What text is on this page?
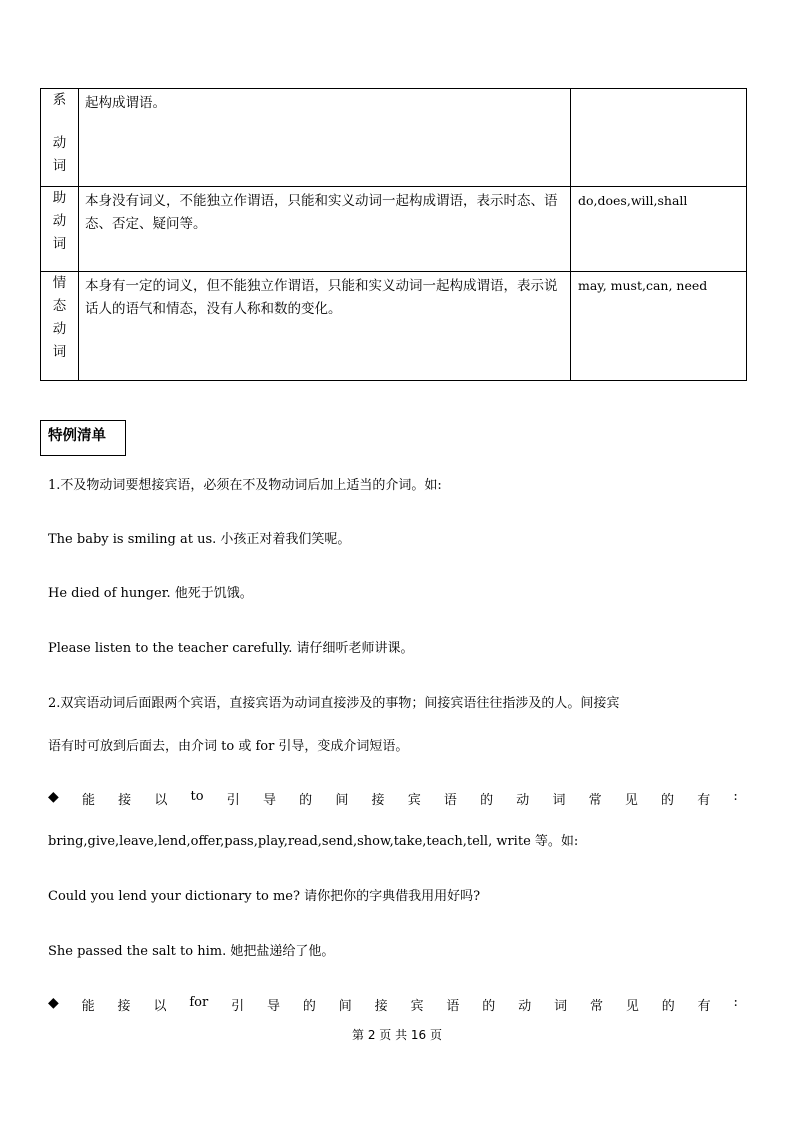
系
动
词	起构成谓语。	

助
动
词	本身没有词义，不能独立作谓语，只能和实义动词一起构成谓语，表示时态、语态、否定、疑问等。	do,does,will,shall

情
态
动
词	本身有一定的词义，但不能独立作谓语，只能和实义动词一起构成谓语，表示说话人的语气和情态，没有人称和数的变化。	may, must,can, need
特例清单
1.不及物动词要想接宾语，必须在不及物动词后加上适当的介词。如:
The baby is smiling at us. 小孩正对着我们笑呢。
He died of hunger. 他死于饥饿。
Please listen to the teacher carefully. 请仔细听老师讲课。
2.双宾语动词后面跟两个宾语，直接宾语为动词直接涉及的事物；间接宾语往往指涉及的人。间接宾
语有时可放到后面去，由介词 to 或 for 引导，变成介词短语。
◆ 能 接 以 to 引 导 的 间 接 宾 语 的 动 词 常 见 的 有 :
bring,give,leave,lend,offer,pass,play,read,send,show,take,teach,tell, write 等。如:
Could you lend your dictionary to me? 请你把你的字典借我用用好吗?
She passed the salt to him. 她把盐递给了他。
◆ 能 接 以 for 引 导 的 间 接 宾 语 的 动 词 常 见 的 有 :
第 2 页 共 16 页
